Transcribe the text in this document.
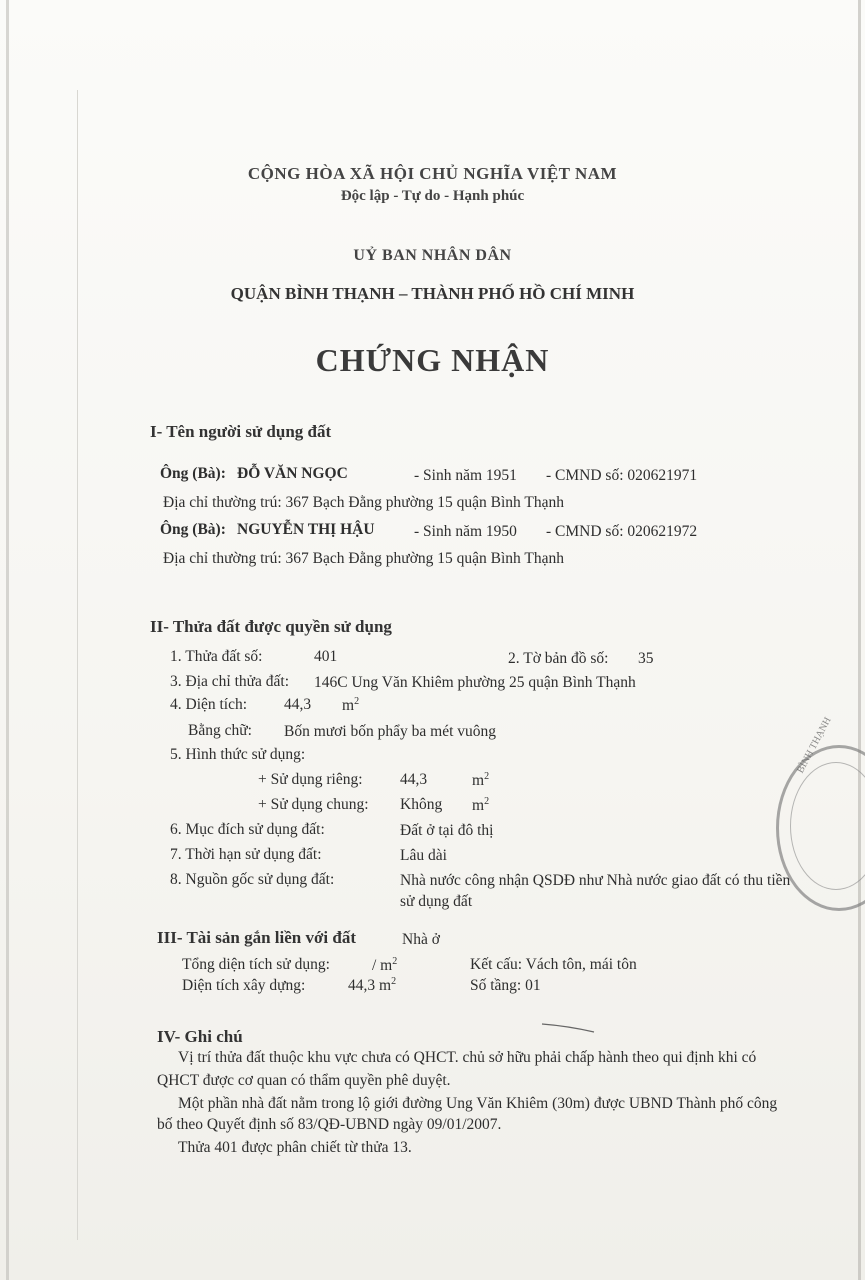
CỘNG HÒA XÃ HỘI CHỦ NGHĨA VIỆT NAM
Độc lập - Tự do - Hạnh phúc
UỶ BAN NHÂN DÂN
QUẬN BÌNH THẠNH – THÀNH PHỐ HỒ CHÍ MINH
CHỨNG NHẬN
I- Tên người sử dụng đất
Ông (Bà): ĐỖ VĂN NGỌC	- Sinh năm 1951 - CMND số: 020621971
Địa chỉ thường trú: 367 Bạch Đằng phường 15 quận Bình Thạnh
Ông (Bà): NGUYỄN THỊ HẬU	- Sinh năm 1950 - CMND số: 020621972
Địa chỉ thường trú: 367 Bạch Đằng phường 15 quận Bình Thạnh
II- Thửa đất được quyền sử dụng
1. Thửa đất số:	401	2. Tờ bản đồ số: 35
3. Địa chỉ thửa đất: 146C Ung Văn Khiêm phường 25 quận Bình Thạnh
4. Diện tích: 44,3 $m^2$
Bằng chữ: Bốn mươi bốn phẩy ba mét vuông
5. Hình thức sử dụng:
+ Sử dụng riêng: 44,3	$m^2$
+ Sử dụng chung: Không $m^2$
6. Mục đích sử dụng đất:	Đất ở tại đô thị
7. Thời hạn sử dụng đất:	Lâu dài
8. Nguồn gốc sử dụng đất:	Nhà nước công nhận QSDĐ như Nhà nước giao đất có thu tiền
sử dụng đất
BÌNH THẠNH
III- Tài sản gắn liền với đất	Nhà ở
Tổng diện tích sử dụng:	/ $m^2$	Kết cấu: Vách tôn, mái tôn
Diện tích xây dựng:	44,3 $m^2$	Số tầng: 01
IV- Ghi chú
Vị trí thửa đất thuộc khu vực chưa có QHCT. chủ sở hữu phải chấp hành theo qui định khi có
QHCT được cơ quan có thẩm quyền phê duyệt.
Một phần nhà đất nằm trong lộ giới đường Ung Văn Khiêm (30m) được UBND Thành phố công
bố theo Quyết định số 83/QĐ-UBND ngày 09/01/2007.
Thửa 401 được phân chiết từ thửa 13.
